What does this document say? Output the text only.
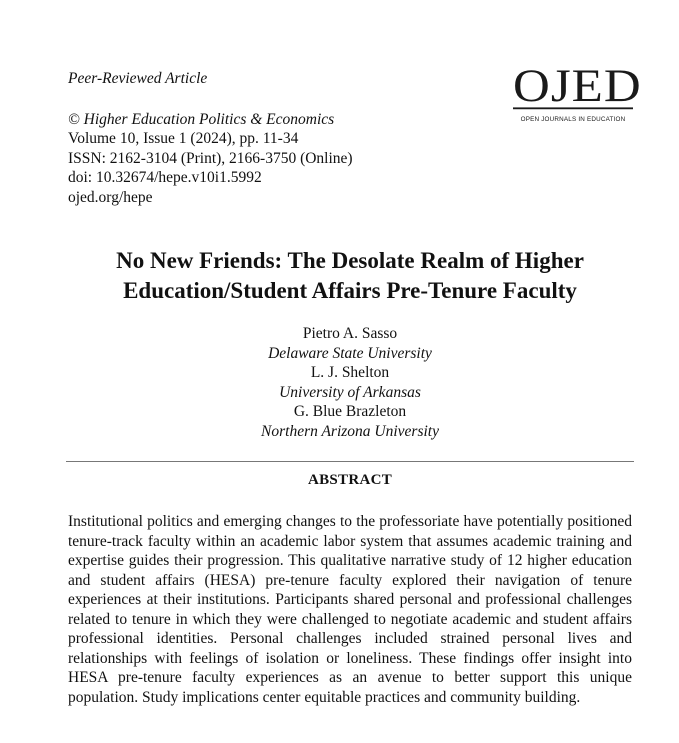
Peer-Reviewed Article
© Higher Education Politics & Economics
Volume 10, Issue 1 (2024), pp. 11-34
ISSN: 2162-3104 (Print), 2166-3750 (Online)
doi: 10.32674/hepe.v10i1.5992
ojed.org/hepe
OJED
OPEN JOURNALS IN EDUCATION
No New Friends: The Desolate Realm of Higher
Education/Student Affairs Pre-Tenure Faculty
Pietro A. Sasso
Delaware State University
L. J. Shelton
University of Arkansas
G. Blue Brazleton
Northern Arizona University
ABSTRACT
Institutional politics and emerging changes to the professoriate have potentially positioned tenure-track faculty within an academic labor system that assumes academic training and expertise guides their progression. This qualitative narrative study of 12 higher education and student affairs (HESA) pre-tenure faculty explored their navigation of tenure experiences at their institutions. Participants shared personal and professional challenges related to tenure in which they were challenged to negotiate academic and student affairs professional identities. Personal challenges included strained personal lives and relationships with feelings of isolation or loneliness. These findings offer insight into HESA pre-tenure faculty experiences as an avenue to better support this unique population. Study implications center equitable practices and community building.
